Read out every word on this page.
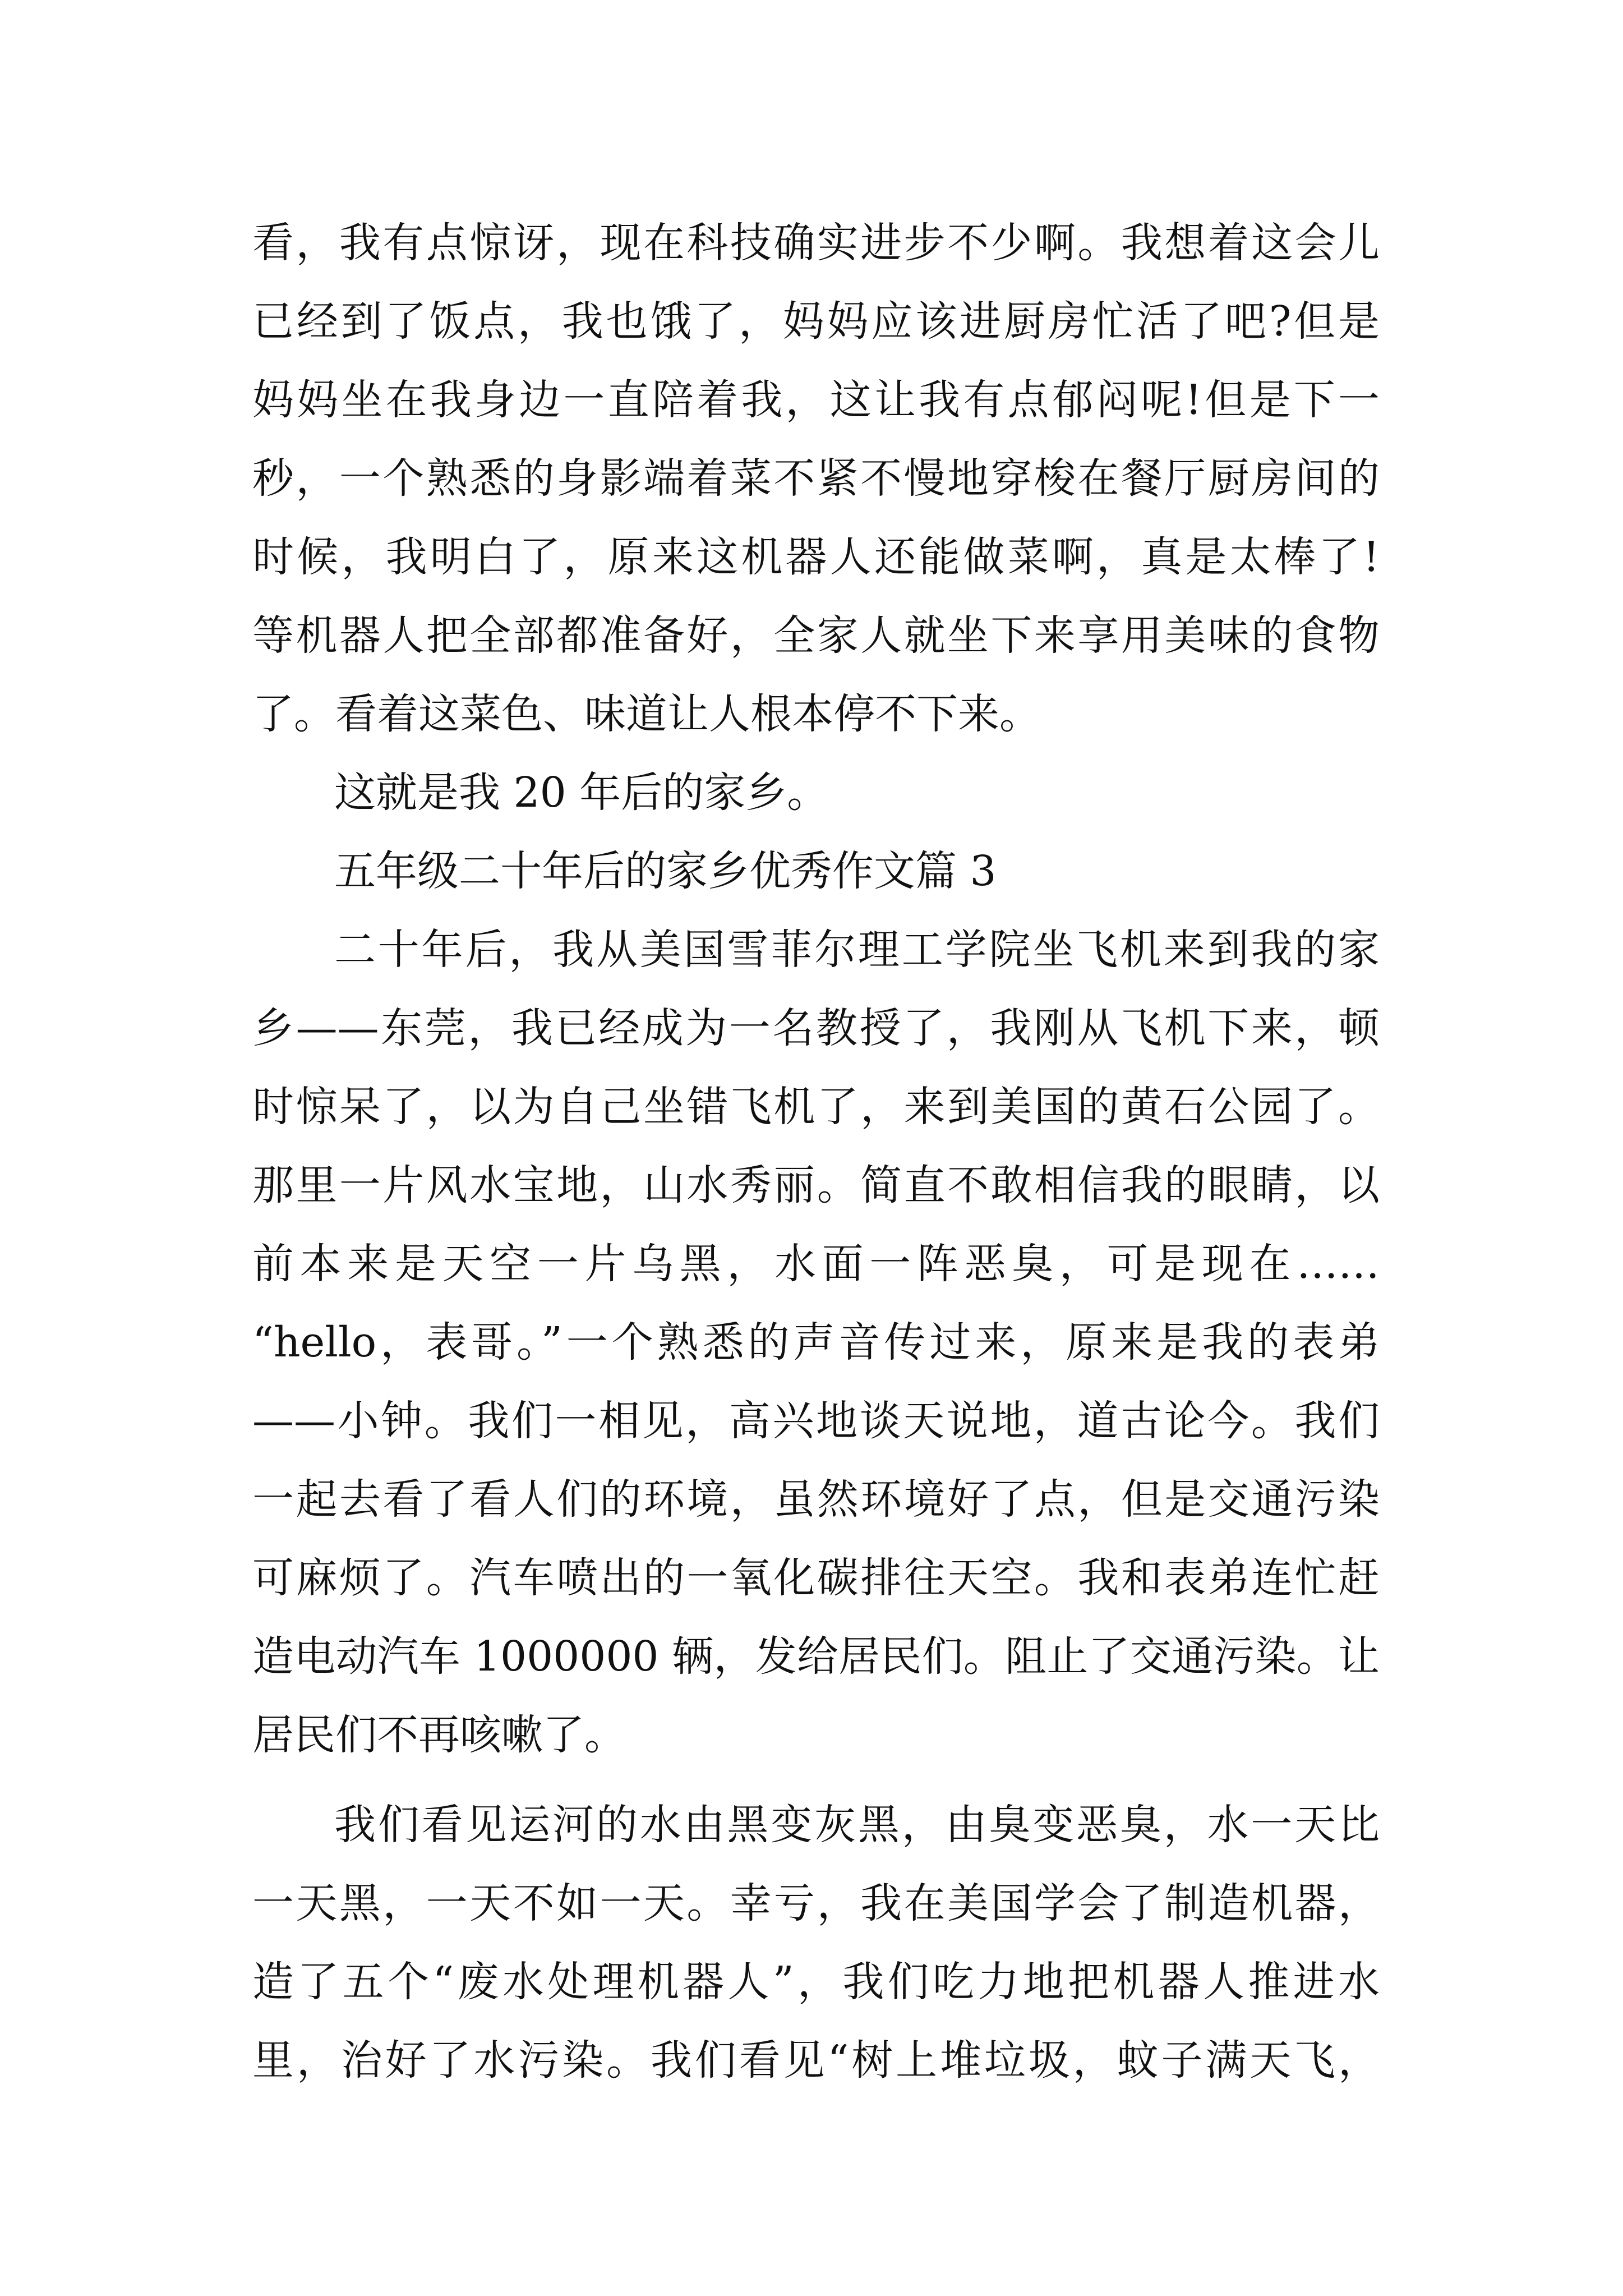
看，我有点惊讶，现在科技确实进步不少啊。我想着这会儿
已经到了饭点，我也饿了，妈妈应该进厨房忙活了吧?但是
妈妈坐在我身边一直陪着我，这让我有点郁闷呢!但是下一
秒，一个熟悉的身影端着菜不紧不慢地穿梭在餐厅厨房间的
时候，我明白了，原来这机器人还能做菜啊，真是太棒了!
等机器人把全部都准备好，全家人就坐下来享用美味的食物
了。看着这菜色、味道让人根本停不下来。
这就是我 20 年后的家乡。
五年级二十年后的家乡优秀作文篇 3
二十年后，我从美国雪菲尔理工学院坐飞机来到我的家
乡——东莞，我已经成为一名教授了，我刚从飞机下来，顿
时惊呆了，以为自己坐错飞机了，来到美国的黄石公园了。
那里一片风水宝地，山水秀丽。简直不敢相信我的眼睛，以
前本来是天空一片乌黑，水面一阵恶臭，可是现在……
“hello，表哥。”一个熟悉的声音传过来，原来是我的表弟
——小钟。我们一相见，高兴地谈天说地，道古论今。我们
一起去看了看人们的环境，虽然环境好了点，但是交通污染
可麻烦了。汽车喷出的一氧化碳排往天空。我和表弟连忙赶
造电动汽车 1000000 辆，发给居民们。阻止了交通污染。让
居民们不再咳嗽了。
我们看见运河的水由黑变灰黑，由臭变恶臭，水一天比
一天黑，一天不如一天。幸亏，我在美国学会了制造机器，
造了五个“废水处理机器人”，我们吃力地把机器人推进水
里，治好了水污染。我们看见“树上堆垃圾，蚊子满天飞，
